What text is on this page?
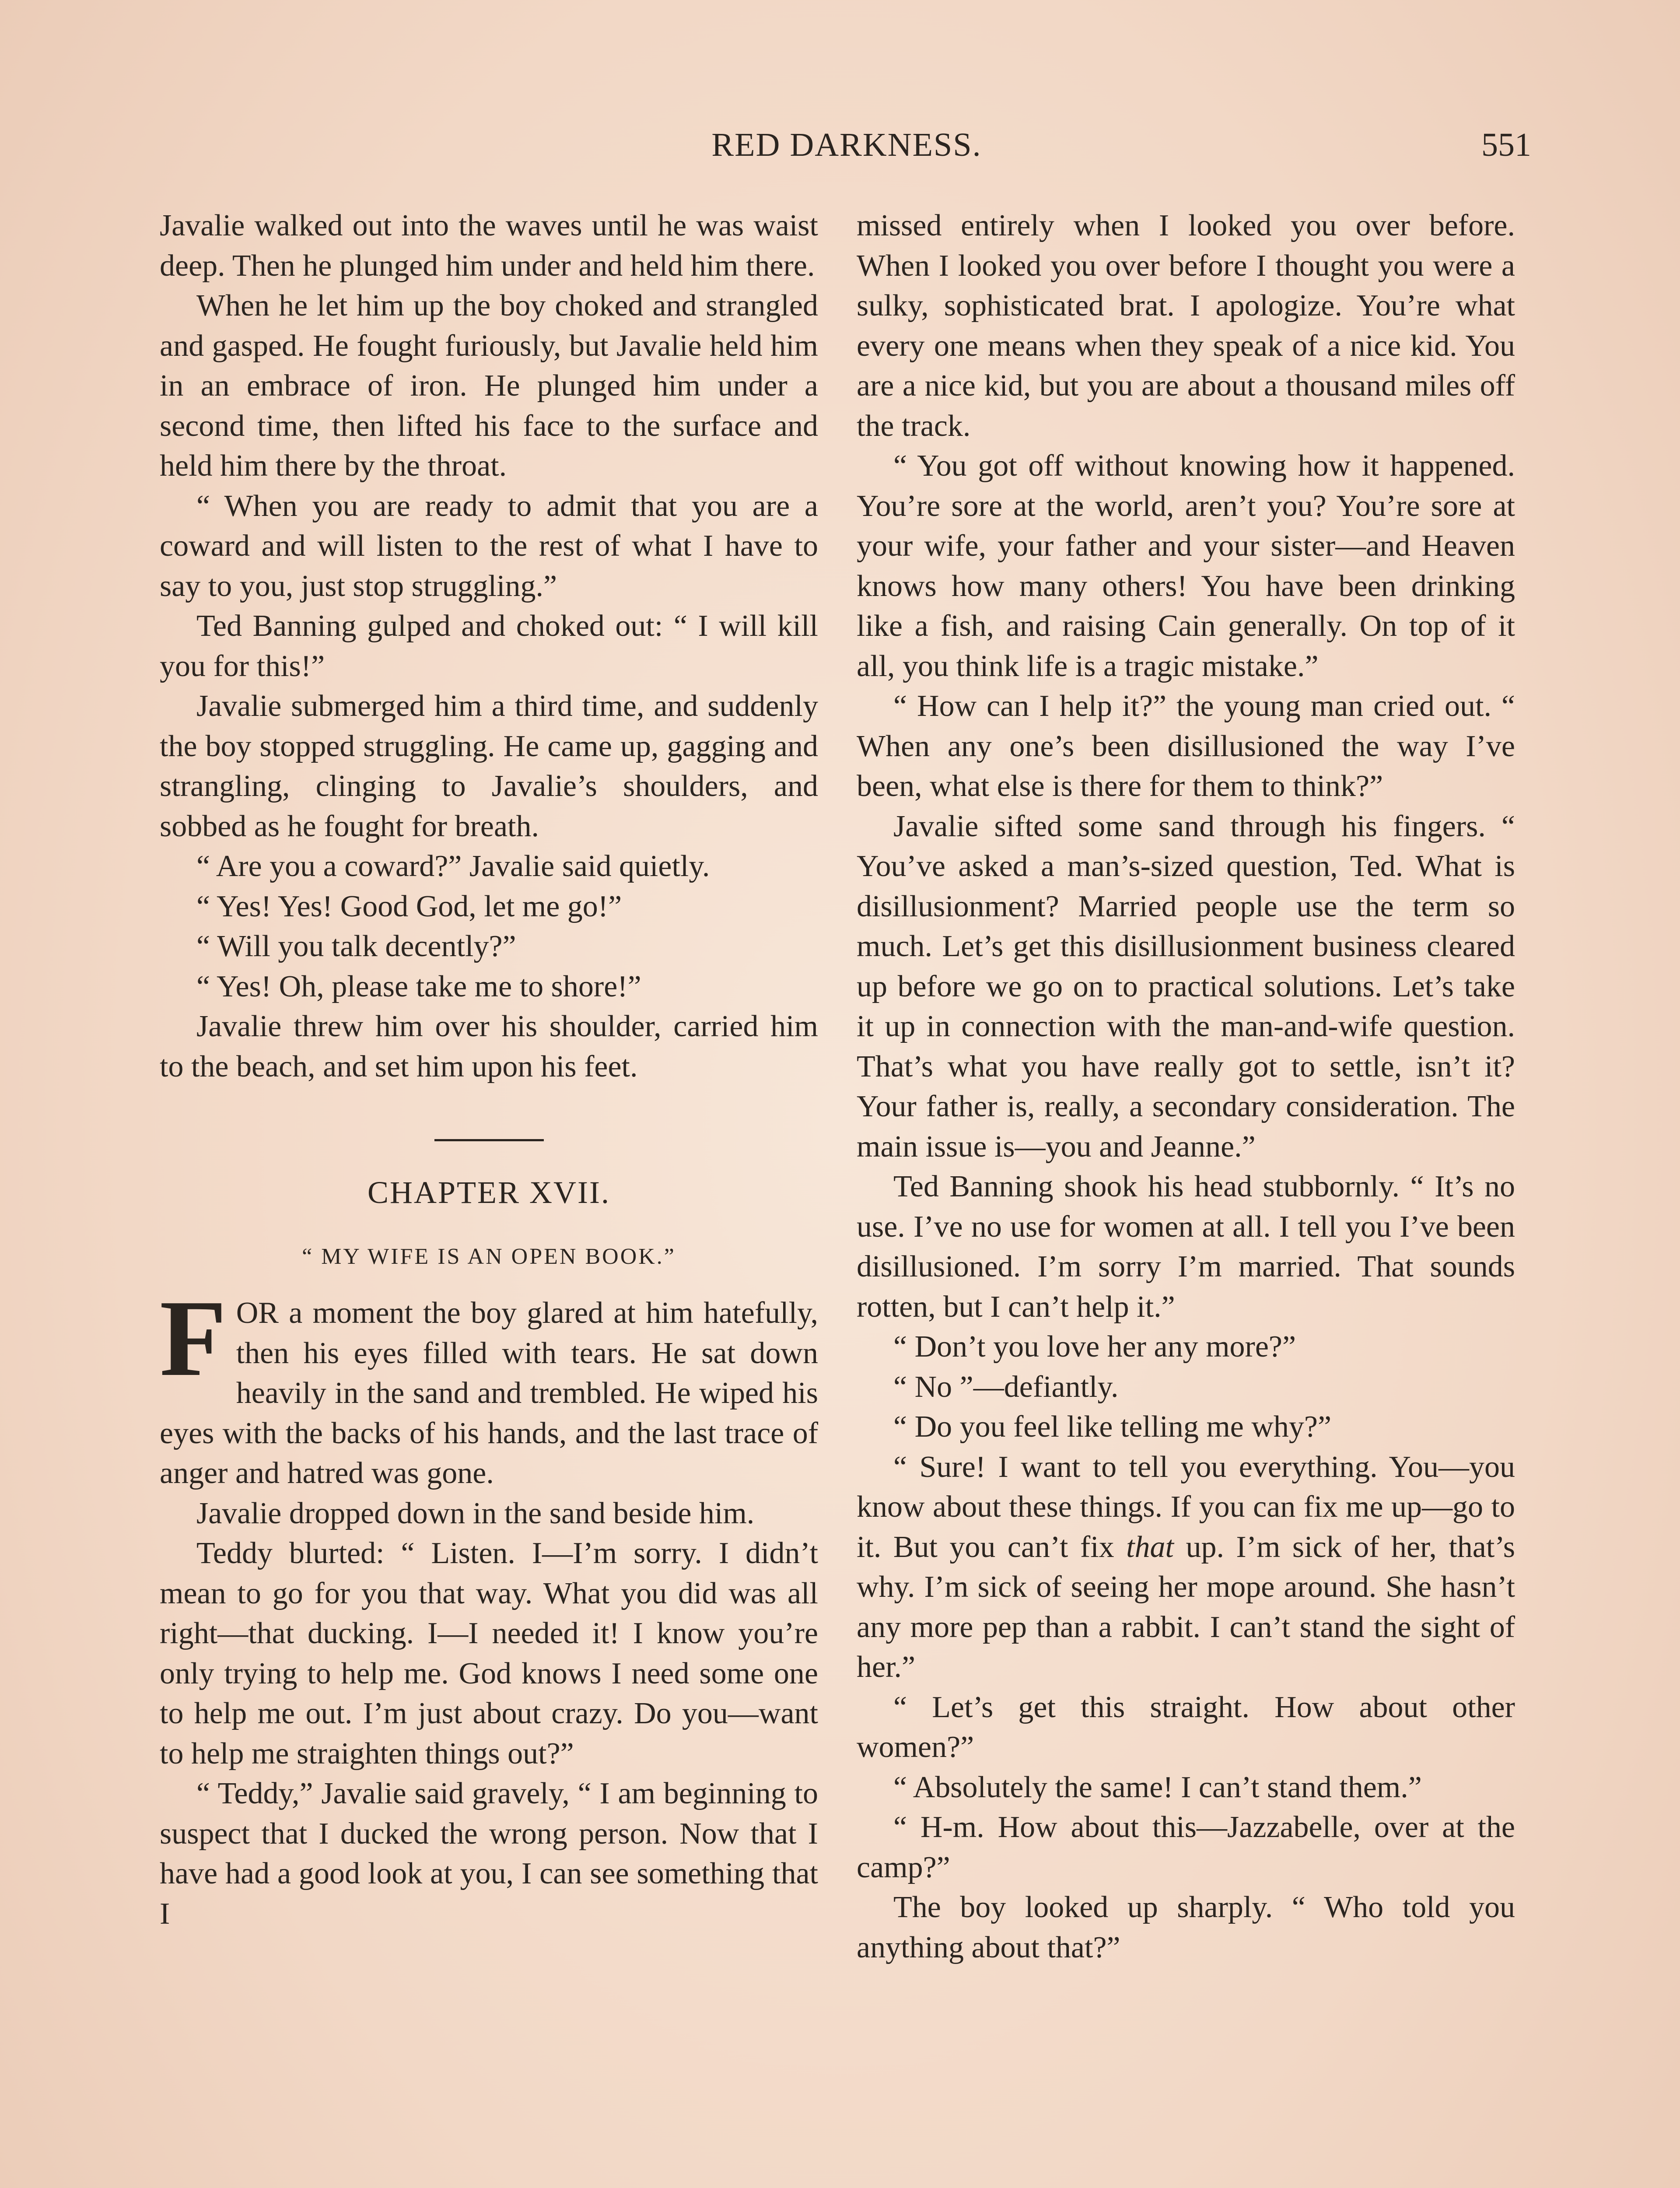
RED DARKNESS.	551

Javalie walked out into the waves until he was waist deep. Then he plunged him under and held him there.

When he let him up the boy choked and strangled and gasped. He fought furiously, but Javalie held him in an embrace of iron. He plunged him under a second time, then lifted his face to the surface and held him there by the throat.

“ When you are ready to admit that you are a coward and will listen to the rest of what I have to say to you, just stop struggling.”

Ted Banning gulped and choked out: “ I will kill you for this!”

Javalie submerged him a third time, and suddenly the boy stopped struggling. He came up, gagging and strangling, clinging to Javalie’s shoulders, and sobbed as he fought for breath.

“ Are you a coward?” Javalie said quietly.

“ Yes! Yes! Good God, let me go!”

“ Will you talk decently?”

“ Yes! Oh, please take me to shore!”

Javalie threw him over his shoulder, carried him to the beach, and set him upon his feet.

CHAPTER XVII.
“ MY WIFE IS AN OPEN BOOK.”

FOR a moment the boy glared at him hatefully, then his eyes filled with tears. He sat down heavily in the sand and trembled. He wiped his eyes with the backs of his hands, and the last trace of anger and hatred was gone.

Javalie dropped down in the sand beside him.

Teddy blurted: “ Listen. I—I’m sorry. I didn’t mean to go for you that way. What you did was all right—that ducking. I—I needed it! I know you’re only trying to help me. God knows I need some one to help me out. I’m just about crazy. Do you—want to help me straighten things out?”

“ Teddy,” Javalie said gravely, “ I am beginning to suspect that I ducked the wrong person. Now that I have had a good look at you, I can see something that I

missed entirely when I looked you over before. When I looked you over before I thought you were a sulky, sophisticated brat. I apologize. You’re what every one means when they speak of a nice kid. You are a nice kid, but you are about a thousand miles off the track.

“ You got off without knowing how it happened. You’re sore at the world, aren’t you? You’re sore at your wife, your father and your sister—and Heaven knows how many others! You have been drinking like a fish, and raising Cain generally. On top of it all, you think life is a tragic mistake.”

“ How can I help it?” the young man cried out. “ When any one’s been disillusioned the way I’ve been, what else is there for them to think?”

Javalie sifted some sand through his fingers. “ You’ve asked a man’s-sized question, Ted. What is disillusionment? Married people use the term so much. Let’s get this disillusionment business cleared up before we go on to practical solutions. Let’s take it up in connection with the man-and-wife question. That’s what you have really got to settle, isn’t it? Your father is, really, a secondary consideration. The main issue is—you and Jeanne.”

Ted Banning shook his head stubbornly. “ It’s no use. I’ve no use for women at all. I tell you I’ve been disillusioned. I’m sorry I’m married. That sounds rotten, but I can’t help it.”

“ Don’t you love her any more?”

“ No ”—defiantly.

“ Do you feel like telling me why?”

“ Sure! I want to tell you everything. You—you know about these things. If you can fix me up—go to it. But you can’t fix that up. I’m sick of her, that’s why. I’m sick of seeing her mope around. She hasn’t any more pep than a rabbit. I can’t stand the sight of her.”

“ Let’s get this straight. How about other women?”

“ Absolutely the same! I can’t stand them.”

“ H-m. How about this—Jazzabelle, over at the camp?”

The boy looked up sharply. “ Who told you anything about that?”
